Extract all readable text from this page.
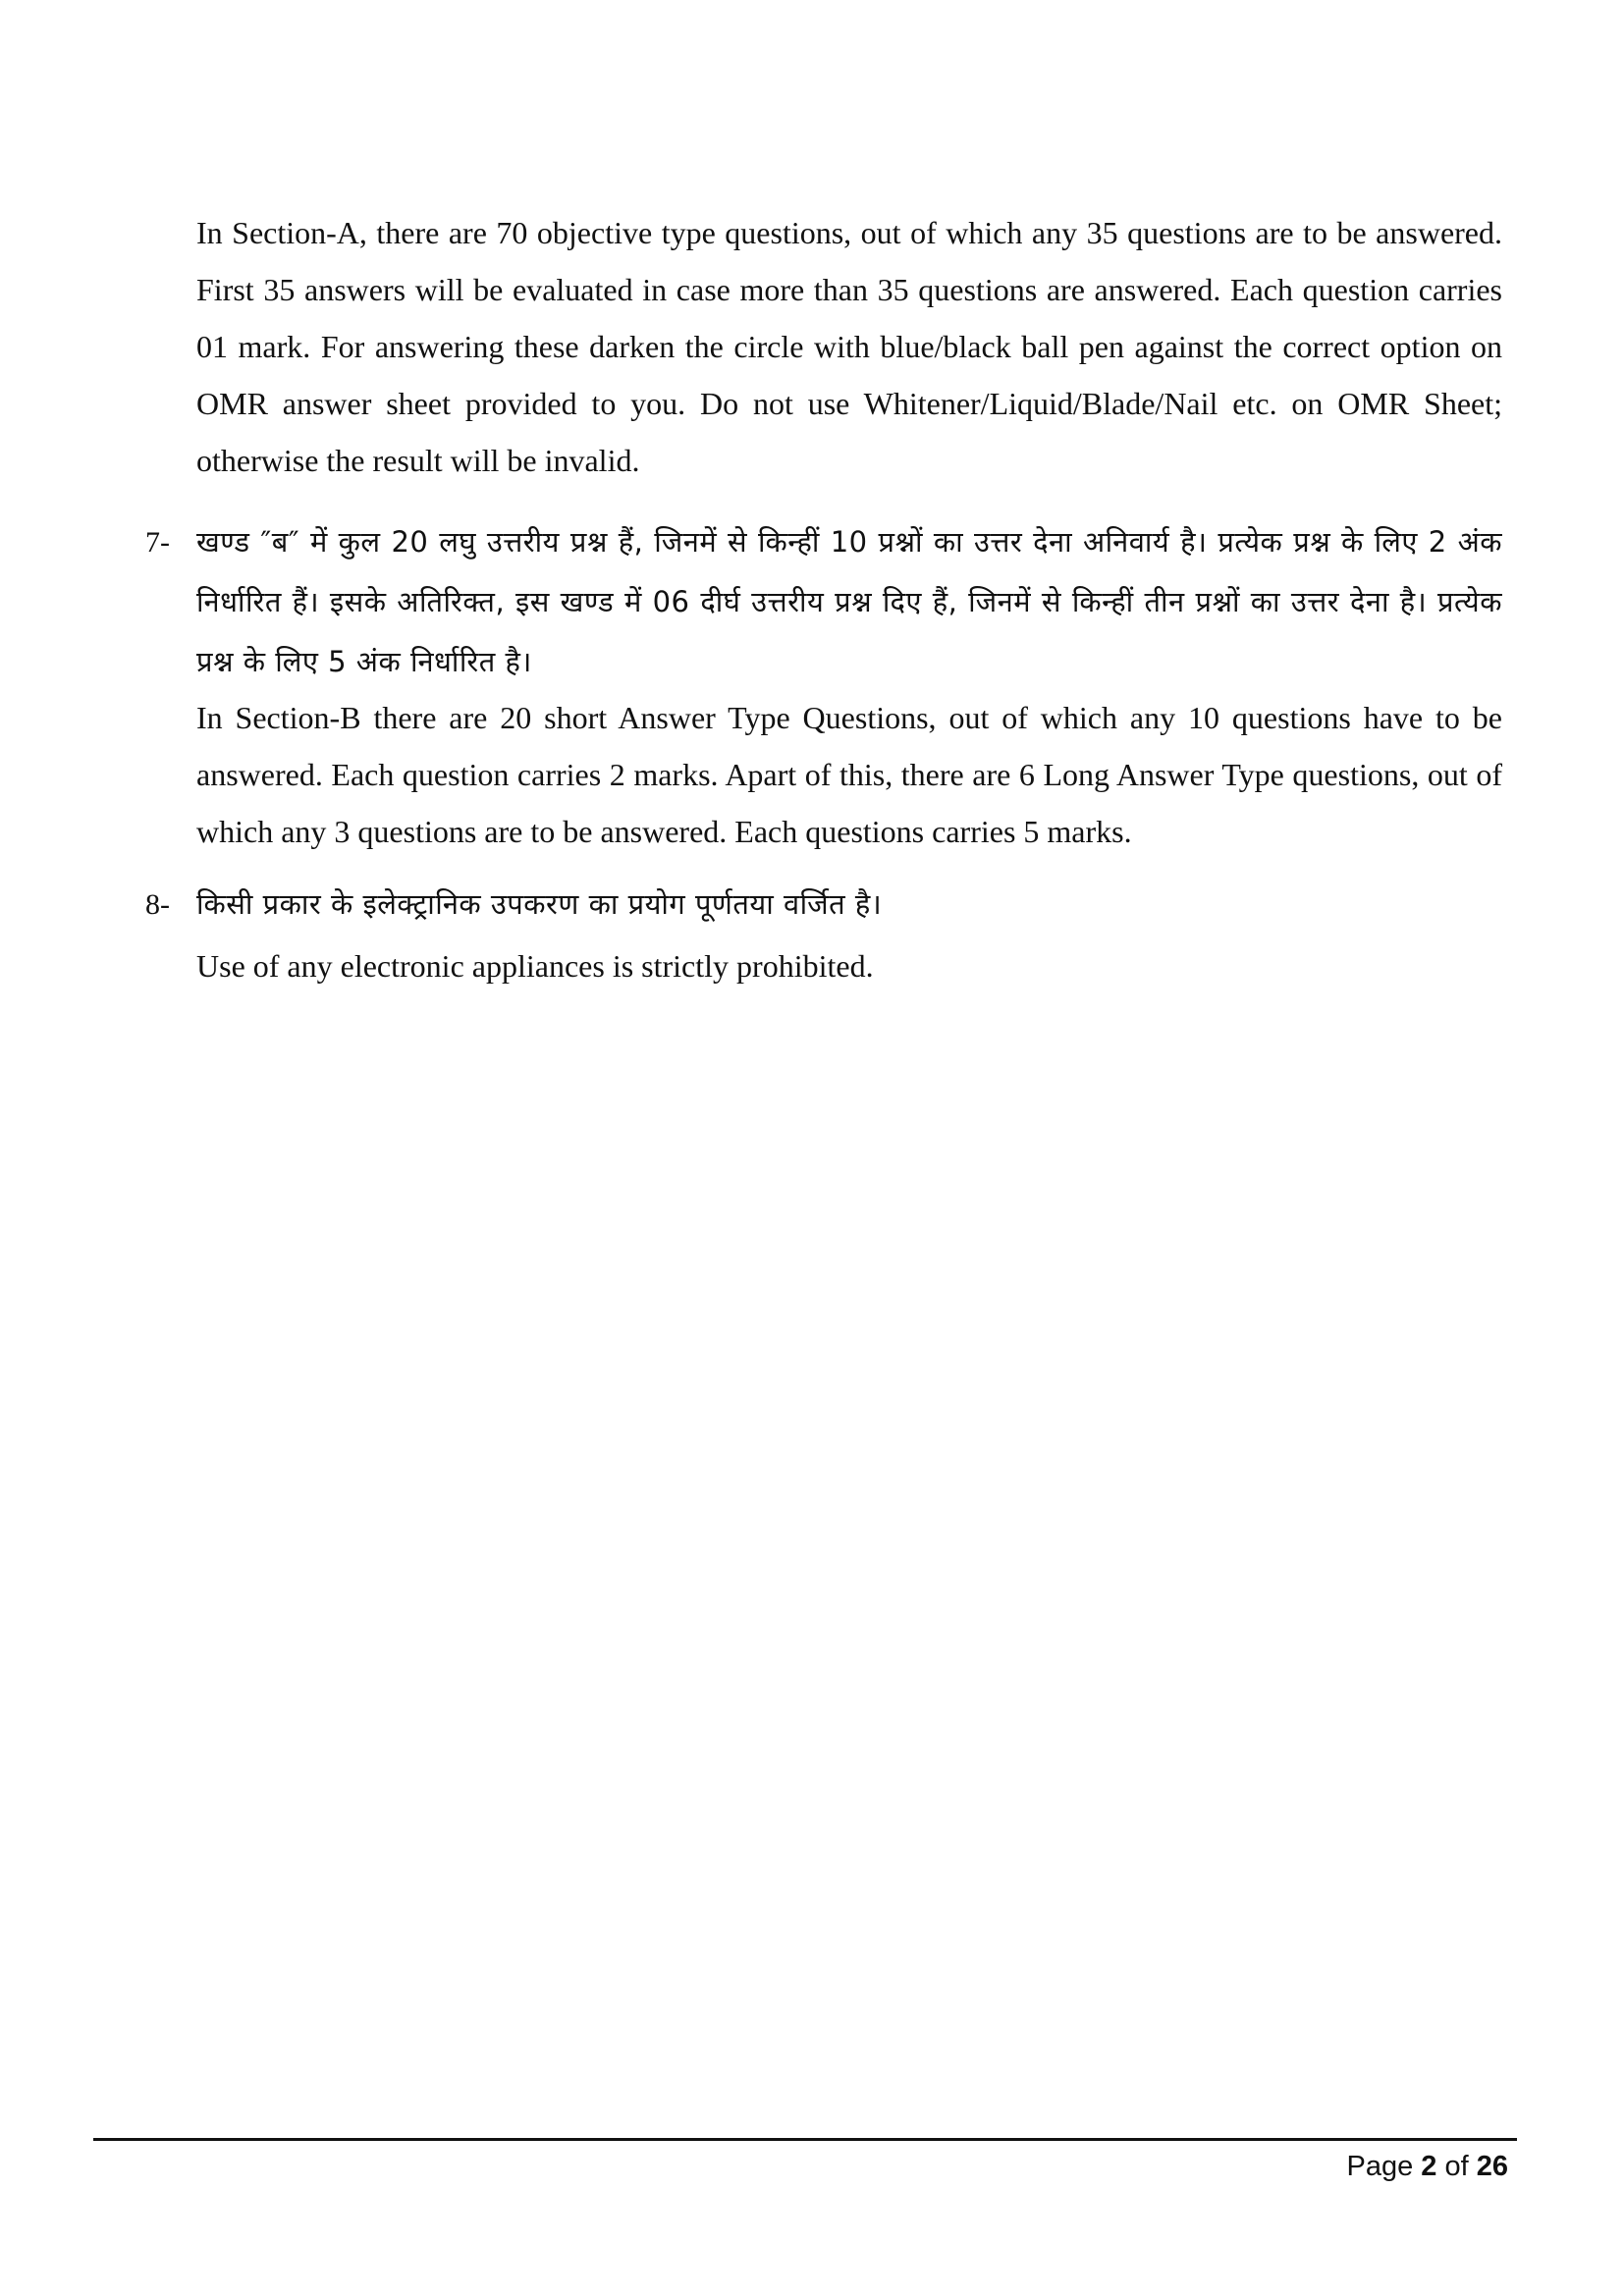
In Section-A, there are 70 objective type questions, out of which any 35 questions are to be answered. First 35 answers will be evaluated in case more than 35 questions are answered. Each question carries 01 mark. For answering these darken the circle with blue/black ball pen against the correct option on OMR answer sheet provided to you. Do not use Whitener/Liquid/Blade/Nail etc. on OMR Sheet; otherwise the result will be invalid.

7- खण्ड ″ब″ में कुल 20 लघु उत्तरीय प्रश्न हैं, जिनमें से किन्हीं 10 प्रश्नों का उत्तर देना अनिवार्य है। प्रत्येक प्रश्न के लिए 2 अंक निर्धारित हैं। इसके अतिरिक्त, इस खण्ड में 06 दीर्घ उत्तरीय प्रश्न दिए हैं, जिनमें से किन्हीं तीन प्रश्नों का उत्तर देना है। प्रत्येक प्रश्न के लिए 5 अंक निर्धारित है।

In Section-B there are 20 short Answer Type Questions, out of which any 10 questions have to be answered. Each question carries 2 marks. Apart of this, there are 6 Long Answer Type questions, out of which any 3 questions are to be answered. Each questions carries 5 marks.

8- किसी प्रकार के इलेक्ट्रानिक उपकरण का प्रयोग पूर्णतया वर्जित है।

Use of any electronic appliances is strictly prohibited.

Page 2 of 26
